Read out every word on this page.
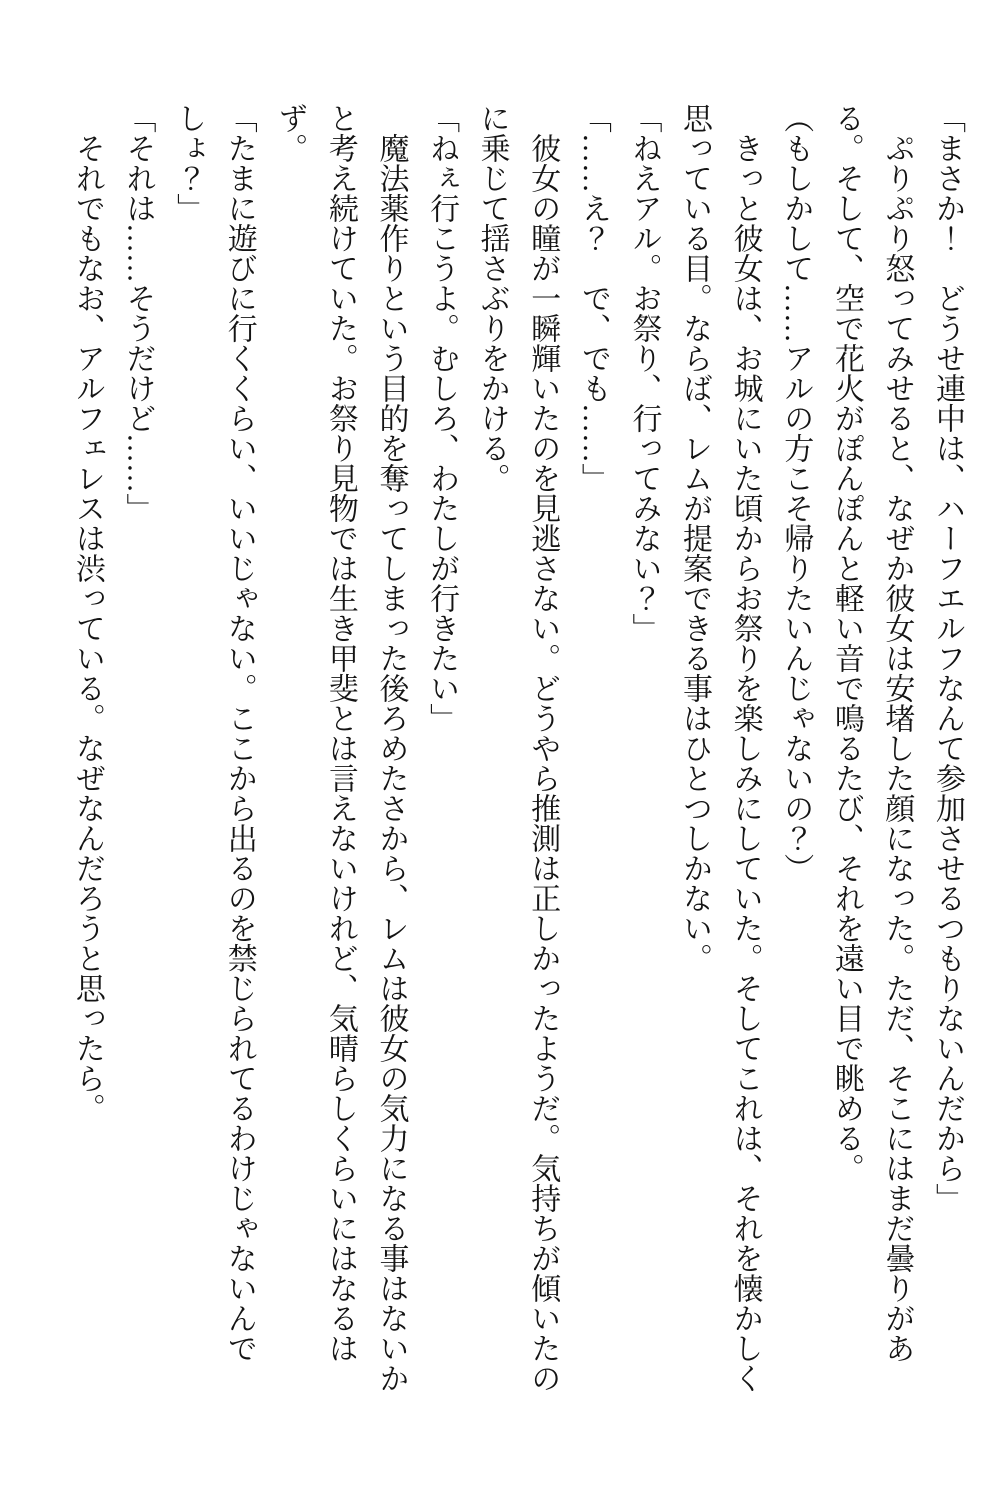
「まさか！　どうせ連中は、ハーフエルフなんて参加させるつもりないんだから」

　ぷりぷり怒ってみせると、なぜか彼女は安堵した顔になった。ただ、そこにはまだ曇りがあ

る。そして、空で花火がぽんぽんと軽い音で鳴るたび、それを遠い目で眺める。

（もしかして……アルの方こそ帰りたいんじゃないの？）

　きっと彼女は、お城にいた頃からお祭りを楽しみにしていた。そしてこれは、それを懐かしく

思っている目。ならば、レムが提案できる事はひとつしかない。

「ねえアル。お祭り、行ってみない？」

「……え？　で、でも……」

　彼女の瞳が一瞬輝いたのを見逃さない。どうやら推測は正しかったようだ。気持ちが傾いたの

に乗じて揺さぶりをかける。

「ねぇ行こうよ。むしろ、わたしが行きたい」

　魔法薬作りという目的を奪ってしまった後ろめたさから、レムは彼女の気力になる事はないか

と考え続けていた。お祭り見物では生き甲斐とは言えないけれど、気晴らしくらいにはなるは

ず。

「たまに遊びに行くくらい、いいじゃない。ここから出るのを禁じられてるわけじゃないんで

しょ？」

「それは……そうだけど……」

　それでもなお、アルフェレスは渋っている。なぜなんだろうと思ったら。
